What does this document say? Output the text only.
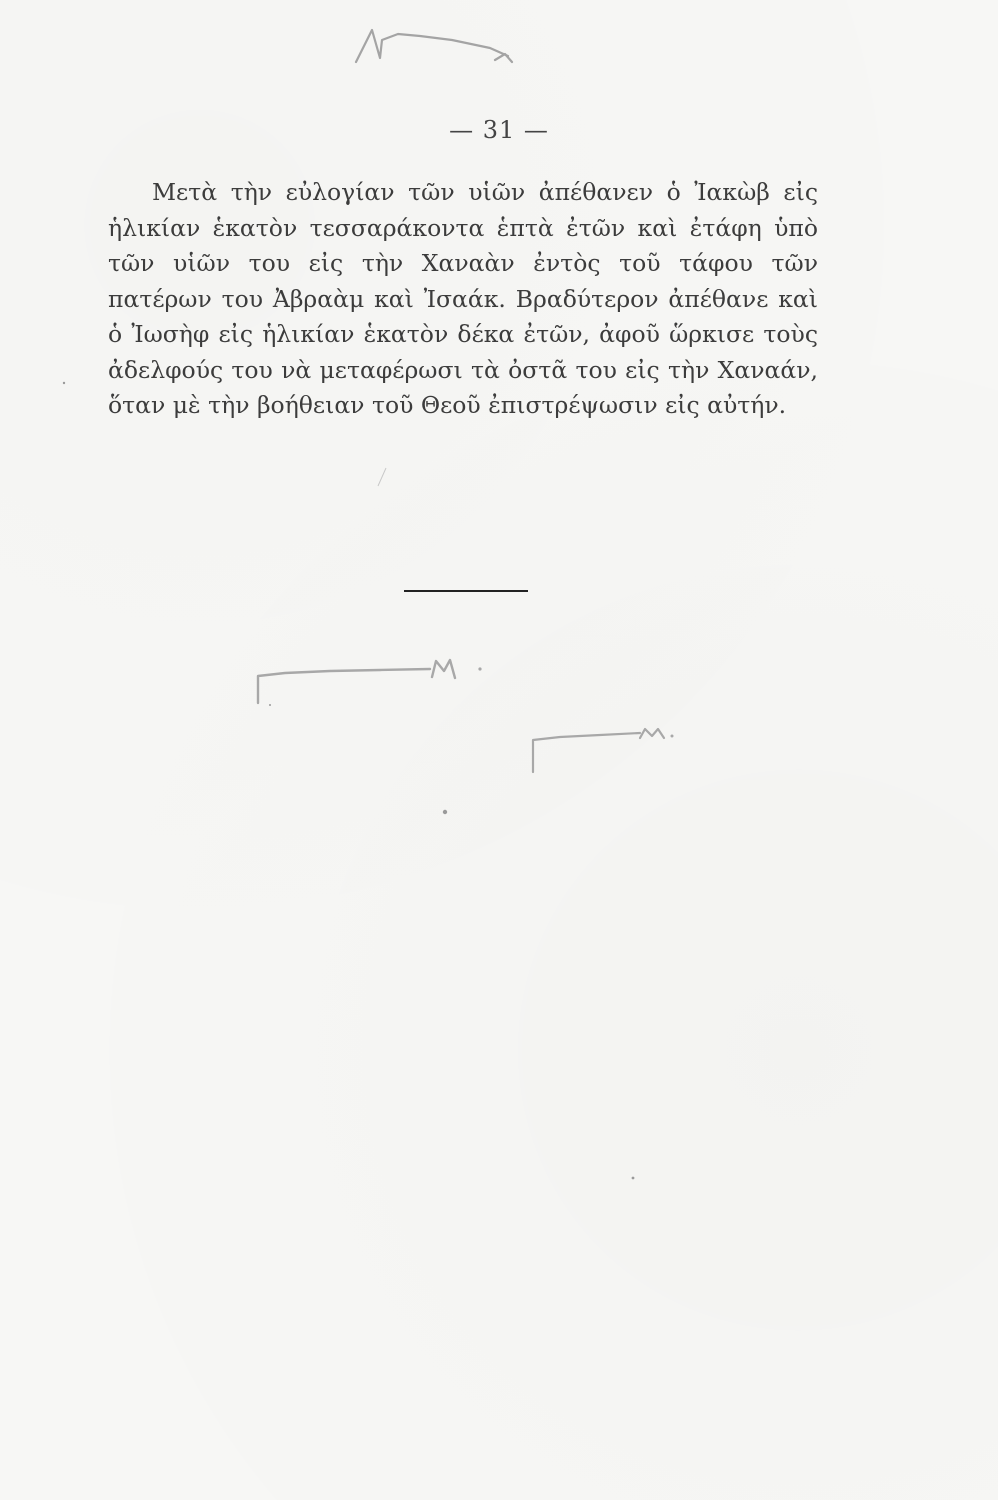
— 31 —

Μετὰ τὴν εὐλογίαν τῶν υἱῶν ἀπέθανεν ὁ Ἰακὼβ εἰς ἡλικίαν ἑκατὸν τεσσαράκοντα ἑπτὰ ἐτῶν καὶ ἐτάφη ὑπὸ τῶν υἱῶν του εἰς τὴν Χαναὰν ἐντὸς τοῦ τάφου τῶν πατέρων του Ἀβραὰμ καὶ Ἰσαάκ. Βραδύτερον ἀπέθανε καὶ ὁ Ἰωσὴφ εἰς ἡλικίαν ἑκατὸν δέκα ἐτῶν, ἀφοῦ ὥρκισε τοὺς ἀδελφούς του νὰ μεταφέρωσι τὰ ὀστᾶ του εἰς τὴν Χαναάν, ὅταν μὲ τὴν βοήθειαν τοῦ Θεοῦ ἐπιστρέψωσιν εἰς αὐτήν.
